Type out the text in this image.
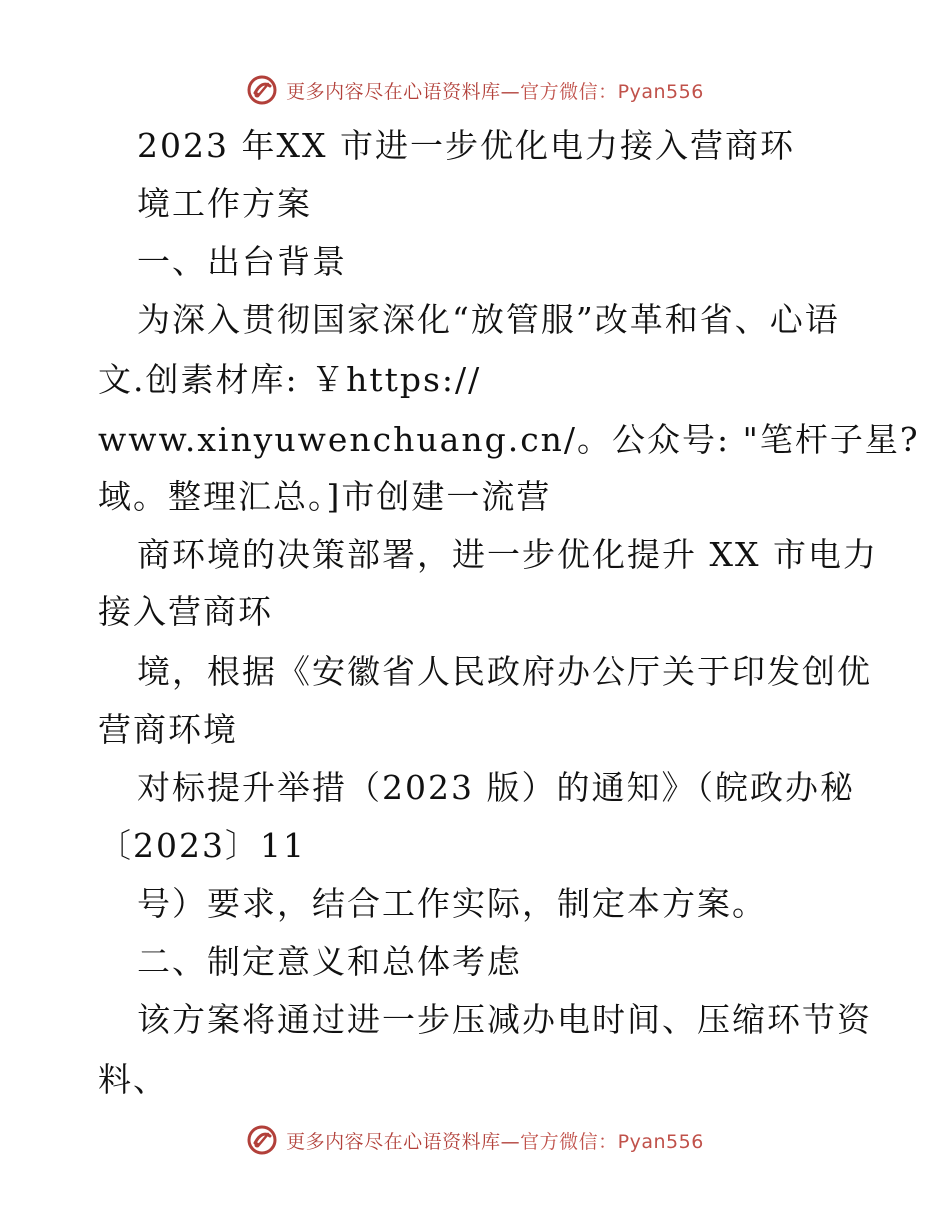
更多内容尽在心语资料库—官方微信：Pyan556
2023 年XX 市进一步优化电力接入营商环
境工作方案
一、出台背景
为深入贯彻国家深化“放管服”改革和省、心语
文.创素材库: ￥https://
www.xinyuwenchuang.cn/。公众号: "笔杆子星?
域。整理汇总。]市创建一流营
商环境的决策部署，进一步优化提升 XX 市电力
接入营商环
境，根据《安徽省人民政府办公厅关于印发创优
营商环境
对标提升举措（2023 版）的通知》（皖政办秘
〔2023〕11
号）要求，结合工作实际，制定本方案。
二、制定意义和总体考虑
该方案将通过进一步压减办电时间、压缩环节资
料、
更多内容尽在心语资料库—官方微信：Pyan556
